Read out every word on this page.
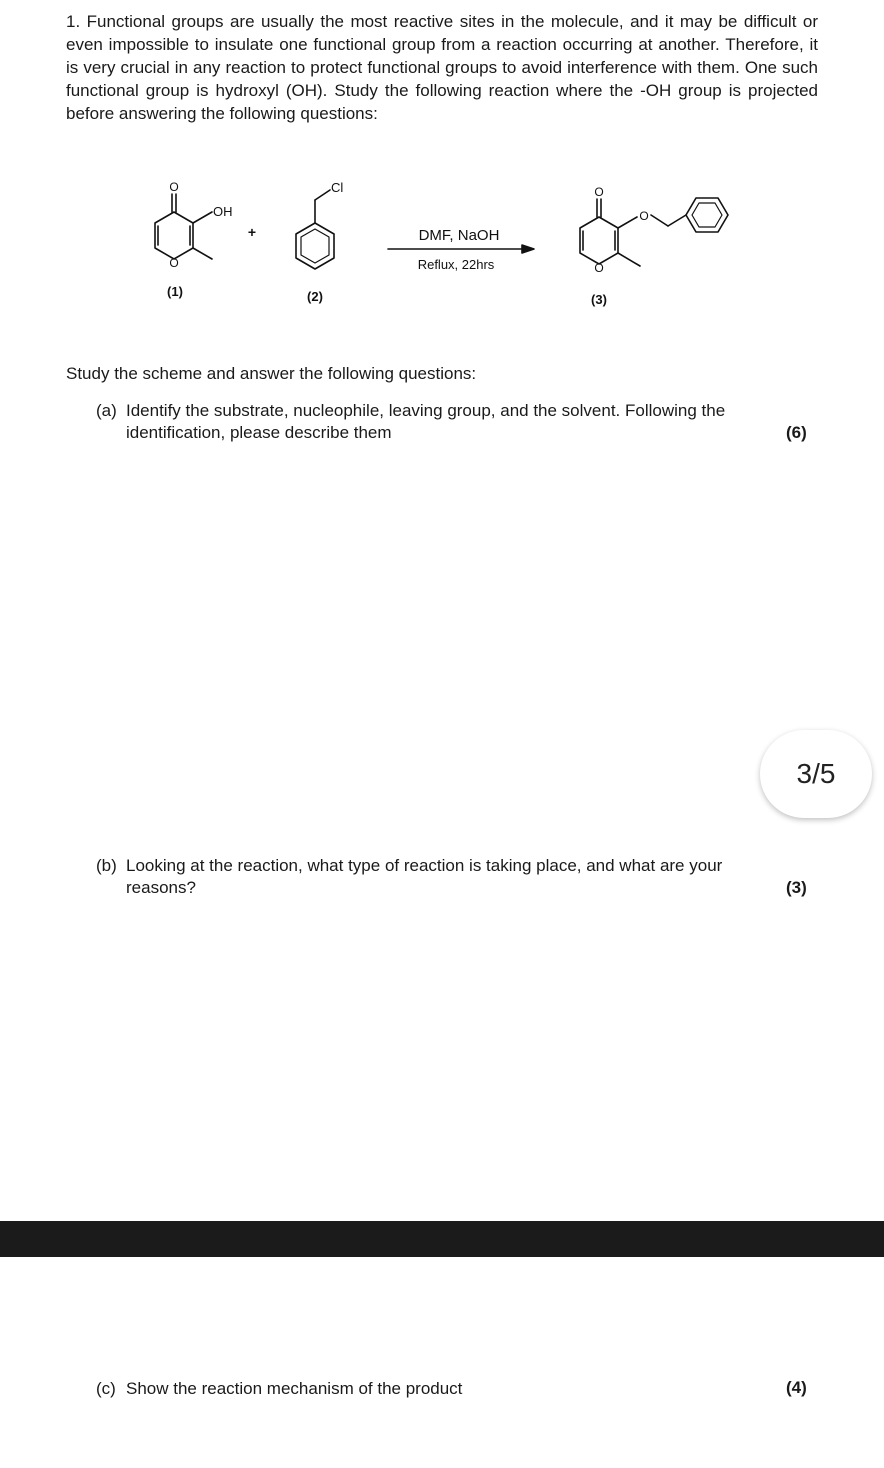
1. Functional groups are usually the most reactive sites in the molecule, and it may be difficult or even impossible to insulate one functional group from a reaction occurring at another. Therefore, it is very crucial in any reaction to protect functional groups to avoid interference with them. One such functional group is hydroxyl (OH). Study the following reaction where the -OH group is projected before answering the following questions:

O
O
OH
Cl	O
O
O
+	DMF, NaOH
Reflux, 22hrs
(1)	(2)	(3)

Study the scheme and answer the following questions:

(a) Identify the substrate, nucleophile, leaving group, and the solvent. Following the
identification, please describe them	(6)
3/5
(b) Looking at the reaction, what type of reaction is taking place, and what are your
reasons?	(3)
(c) Show the reaction mechanism of the product	(4)
